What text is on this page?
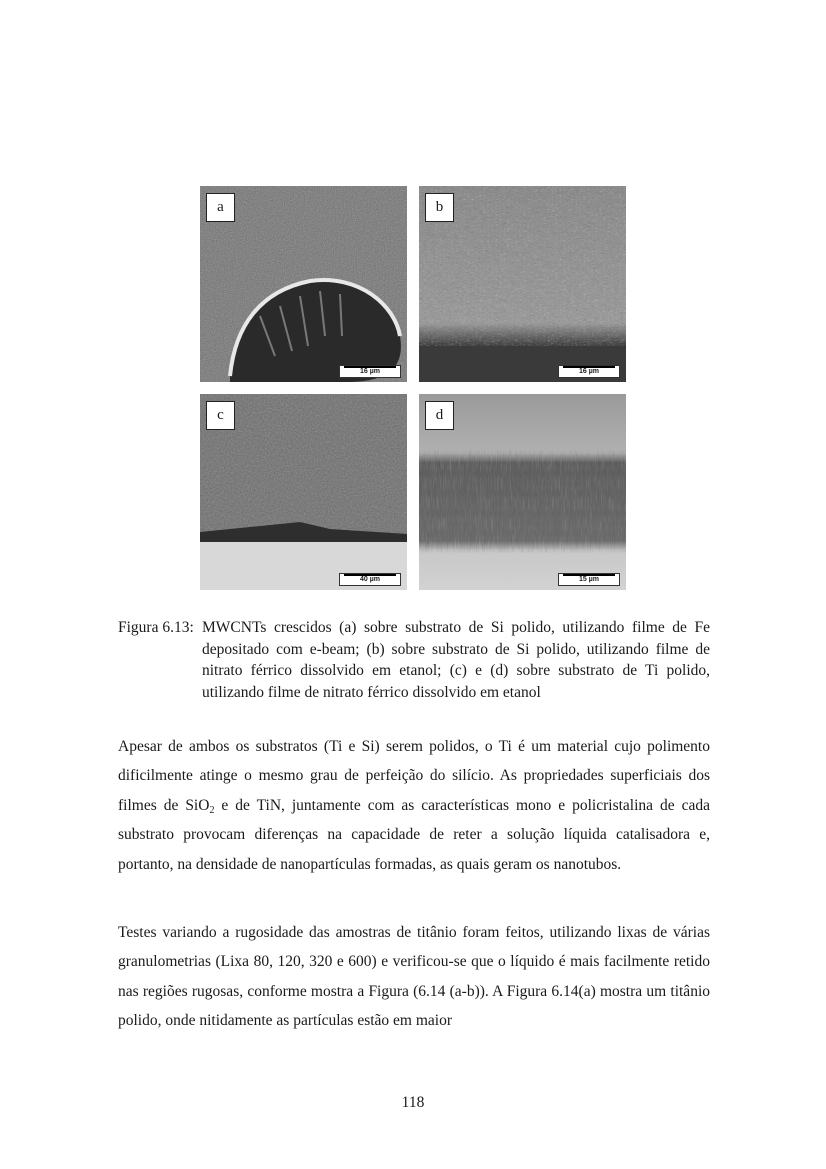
a
16 µm
b
16 µm
c
40 µm
d
15 µm
Figura 6.13: MWCNTs crescidos (a) sobre substrato de Si polido, utilizando filme de Fe depositado com e-beam; (b) sobre substrato de Si polido, utilizando filme de nitrato férrico dissolvido em etanol; (c) e (d) sobre substrato de Ti polido, utilizando filme de nitrato férrico dissolvido em etanol

Apesar de ambos os substratos (Ti e Si) serem polidos, o Ti é um material cujo polimento dificilmente atinge o mesmo grau de perfeição do silício. As propriedades superficiais dos filmes de SiO$_2$ e de TiN, juntamente com as características mono e policristalina de cada substrato provocam diferenças na capacidade de reter a solução líquida catalisadora e, portanto, na densidade de nanopartículas formadas, as quais geram os nanotubos.

Testes variando a rugosidade das amostras de titânio foram feitos, utilizando lixas de várias granulometrias (Lixa 80, 120, 320 e 600) e verificou-se que o líquido é mais facilmente retido nas regiões rugosas, conforme mostra a Figura (6.14 (a-b)). A Figura 6.14(a) mostra um titânio polido, onde nitidamente as partículas estão em maior

118
